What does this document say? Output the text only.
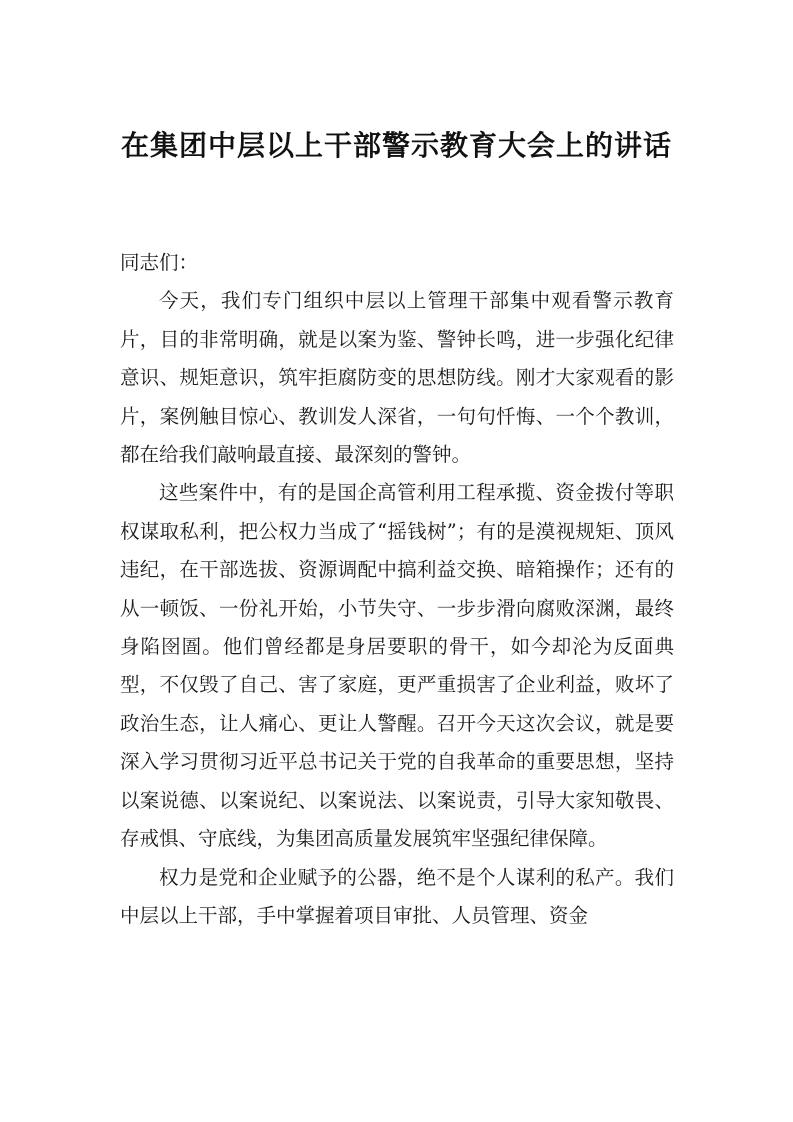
在集团中层以上干部警示教育大会上的讲话

同志们：

今天，我们专门组织中层以上管理干部集中观看警示教育片，目的非常明确，就是以案为鉴、警钟长鸣，进一步强化纪律意识、规矩意识，筑牢拒腐防变的思想防线。刚才大家观看的影片，案例触目惊心、教训发人深省，一句句忏悔、一个个教训，都在给我们敲响最直接、最深刻的警钟。

这些案件中，有的是国企高管利用工程承揽、资金拨付等职权谋取私利，把公权力当成了“摇钱树”；有的是漠视规矩、顶风违纪，在干部选拔、资源调配中搞利益交换、暗箱操作；还有的从一顿饭、一份礼开始，小节失守、一步步滑向腐败深渊，最终身陷囹圄。他们曾经都是身居要职的骨干，如今却沦为反面典型，不仅毁了自己、害了家庭，更严重损害了企业利益，败坏了政治生态，让人痛心、更让人警醒。召开今天这次会议，就是要深入学习贯彻习近平总书记关于党的自我革命的重要思想，坚持以案说德、以案说纪、以案说法、以案说责，引导大家知敬畏、存戒惧、守底线，为集团高质量发展筑牢坚强纪律保障。

权力是党和企业赋予的公器，绝不是个人谋利的私产。我们中层以上干部，手中掌握着项目审批、人员管理、资金
